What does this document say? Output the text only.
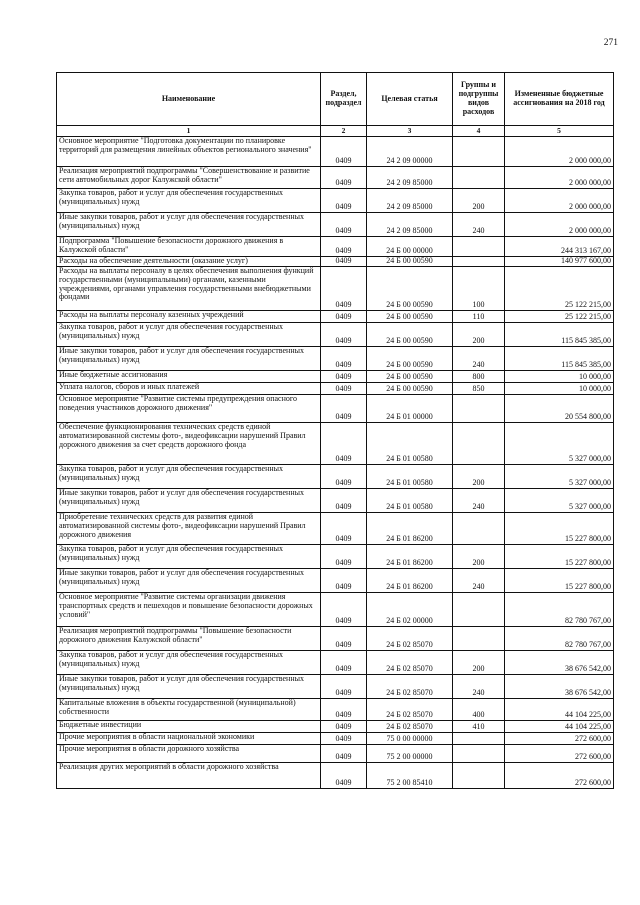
271
Наименование	Раздел, подраздел	Целевая статья	Группы и подгруппы видов расходов	Измененные бюджетные ассигнования на 2018 год
1	2	3	4	5
Основное мероприятие "Подготовка документации по планировке территорий для размещения линейных объектов регионального значения"	0409	24 2 09 00000		2 000 000,00
Реализация мероприятий подпрограммы "Совершенствование и развитие сети автомобильных дорог Калужской области"	0409	24 2 09 85000		2 000 000,00
Закупка товаров, работ и услуг для обеспечения государственных (муниципальных) нужд	0409	24 2 09 85000	200	2 000 000,00
Иные закупки товаров, работ и услуг для обеспечения государственных (муниципальных) нужд	0409	24 2 09 85000	240	2 000 000,00
Подпрограмма "Повышение безопасности дорожного движения в Калужской области"	0409	24 Б 00 00000		244 313 167,00
Расходы на обеспечение деятельности (оказание услуг)	0409	24 Б 00 00590		140 977 600,00
Расходы на выплаты персоналу в целях обеспечения выполнения функций государственными (муниципальными) органами, казенными учреждениями, органами управления государственными внебюджетными фондами	0409	24 Б 00 00590	100	25 122 215,00
Расходы на выплаты персоналу казенных учреждений	0409	24 Б 00 00590	110	25 122 215,00
Закупка товаров, работ и услуг для обеспечения государственных (муниципальных) нужд	0409	24 Б 00 00590	200	115 845 385,00
Иные закупки товаров, работ и услуг для обеспечения государственных (муниципальных) нужд	0409	24 Б 00 00590	240	115 845 385,00
Иные бюджетные ассигнования	0409	24 Б 00 00590	800	10 000,00
Уплата налогов, сборов и иных платежей	0409	24 Б 00 00590	850	10 000,00
Основное мероприятие "Развитие системы предупреждения опасного поведения участников дорожного движения"	0409	24 Б 01 00000		20 554 800,00
Обеспечение функционирования технических средств единой автоматизированной системы фото-, видеофиксации нарушений Правил дорожного движения за счет средств дорожного фонда	0409	24 Б 01 00580		5 327 000,00
Закупка товаров, работ и услуг для обеспечения государственных (муниципальных) нужд	0409	24 Б 01 00580	200	5 327 000,00
Иные закупки товаров, работ и услуг для обеспечения государственных (муниципальных) нужд	0409	24 Б 01 00580	240	5 327 000,00
Приобретение технических средств для развития единой автоматизированной системы фото-, видеофиксации нарушений Правил дорожного движения	0409	24 Б 01 86200		15 227 800,00
Закупка товаров, работ и услуг для обеспечения государственных (муниципальных) нужд	0409	24 Б 01 86200	200	15 227 800,00
Иные закупки товаров, работ и услуг для обеспечения государственных (муниципальных) нужд	0409	24 Б 01 86200	240	15 227 800,00
Основное мероприятие "Развитие системы организации движения транспортных средств и пешеходов и повышение безопасности дорожных условий"	0409	24 Б 02 00000		82 780 767,00
Реализация мероприятий подпрограммы "Повышение безопасности дорожного движения Калужской области"	0409	24 Б 02 85070		82 780 767,00
Закупка товаров, работ и услуг для обеспечения государственных (муниципальных) нужд	0409	24 Б 02 85070	200	38 676 542,00
Иные закупки товаров, работ и услуг для обеспечения государственных (муниципальных) нужд	0409	24 Б 02 85070	240	38 676 542,00
Капитальные вложения в объекты государственной (муниципальной) собственности	0409	24 Б 02 85070	400	44 104 225,00
Бюджетные инвестиции	0409	24 Б 02 85070	410	44 104 225,00
Прочие мероприятия в области национальной экономики	0409	75 0 00 00000		272 600,00
Прочие мероприятия в области дорожного хозяйства	0409	75 2 00 00000		272 600,00
Реализация других мероприятий в области дорожного хозяйства	0409	75 2 00 85410		272 600,00
